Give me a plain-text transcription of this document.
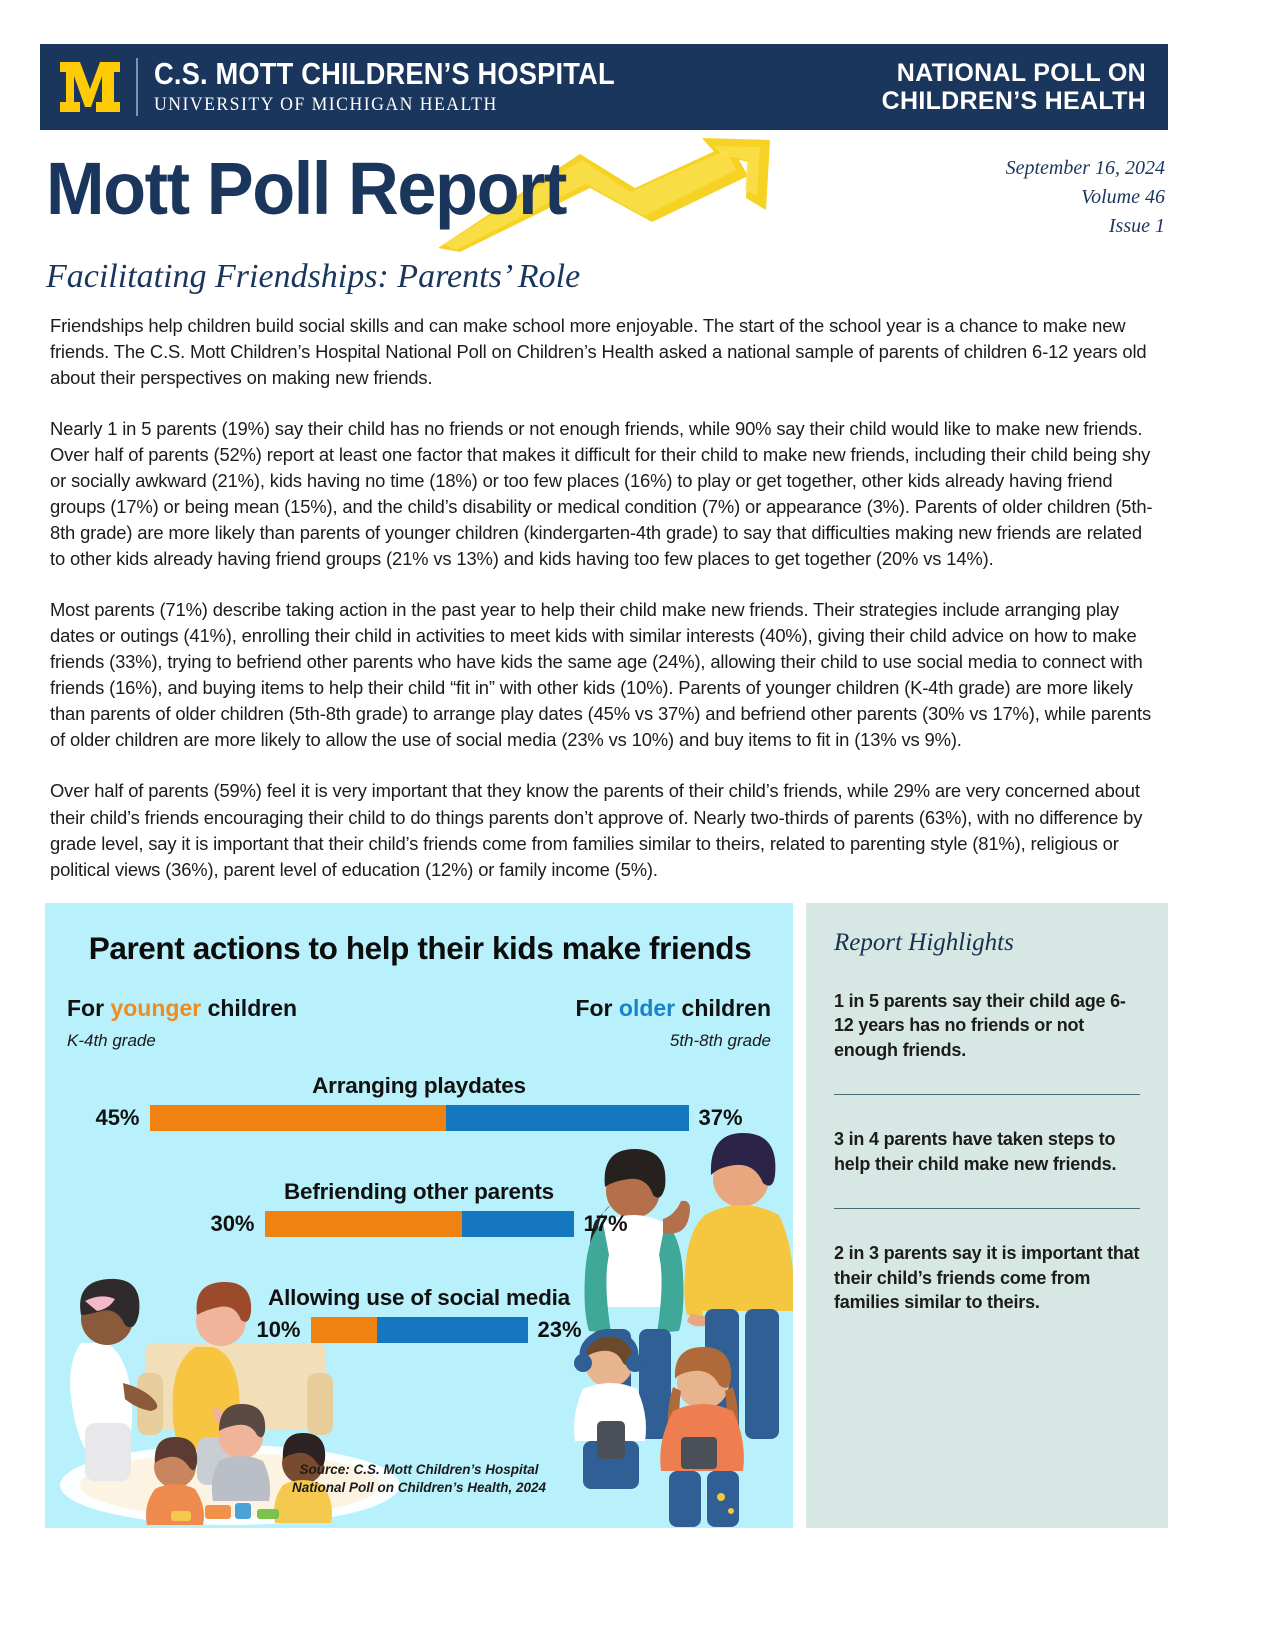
C.S. MOTT CHILDREN’S HOSPITAL
UNIVERSITY OF MICHIGAN HEALTH
NATIONAL POLL ON
CHILDREN’S HEALTH
Mott Poll Report	September 16, 2024
Volume 46
Issue 1
Facilitating Friendships: Parents’ Role

Friendships help children build social skills and can make school more enjoyable. The start of the school year is a chance to make new friends. The C.S. Mott Children’s Hospital National Poll on Children’s Health asked a national sample of parents of children 6-12 years old about their perspectives on making new friends.

Nearly 1 in 5 parents (19%) say their child has no friends or not enough friends, while 90% say their child would like to make new friends. Over half of parents (52%) report at least one factor that makes it difficult for their child to make new friends, including their child being shy or socially awkward (21%), kids having no time (18%) or too few places (16%) to play or get together, other kids already having friend groups (17%) or being mean (15%), and the child’s disability or medical condition (7%) or appearance (3%). Parents of older children (5th-8th grade) are more likely than parents of younger children (kindergarten-4th grade) to say that difficulties making new friends are related to other kids already having friend groups (21% vs 13%) and kids having too few places to get together (20% vs 14%).

Most parents (71%) describe taking action in the past year to help their child make new friends. Their strategies include arranging play dates or outings (41%), enrolling their child in activities to meet kids with similar interests (40%), giving their child advice on how to make friends (33%), trying to befriend other parents who have kids the same age (24%), allowing their child to use social media to connect with friends (16%), and buying items to help their child “fit in” with other kids (10%). Parents of younger children (K-4th grade) are more likely than parents of older children (5th-8th grade) to arrange play dates (45% vs 37%) and befriend other parents (30% vs 17%), while parents of older children are more likely to allow the use of social media (23% vs 10%) and buy items to fit in (13% vs 9%).

Over half of parents (59%) feel it is very important that they know the parents of their child’s friends, while 29% are very concerned about their child’s friends encouraging their child to do things parents don’t approve of. Nearly two-thirds of parents (63%), with no difference by grade level, say it is important that their child’s friends come from families similar to theirs, related to parenting style (81%), religious or political views (36%), parent level of education (12%) or family income (5%).

Parent actions to help their kids make friends
For younger children	For older children
K-4th grade	5th-8th grade
Arranging playdates
45%	37%
Befriending other parents
30%	17%
Allowing use of social media
10%	23%
Source: C.S. Mott Children’s Hospital
National Poll on Children’s Health, 2024
Report Highlights
1 in 5 parents say their child age 6-12 years has no friends or not enough friends.
3 in 4 parents have taken steps to help their child make new friends.
2 in 3 parents say it is important that their child’s friends come from families similar to theirs.
